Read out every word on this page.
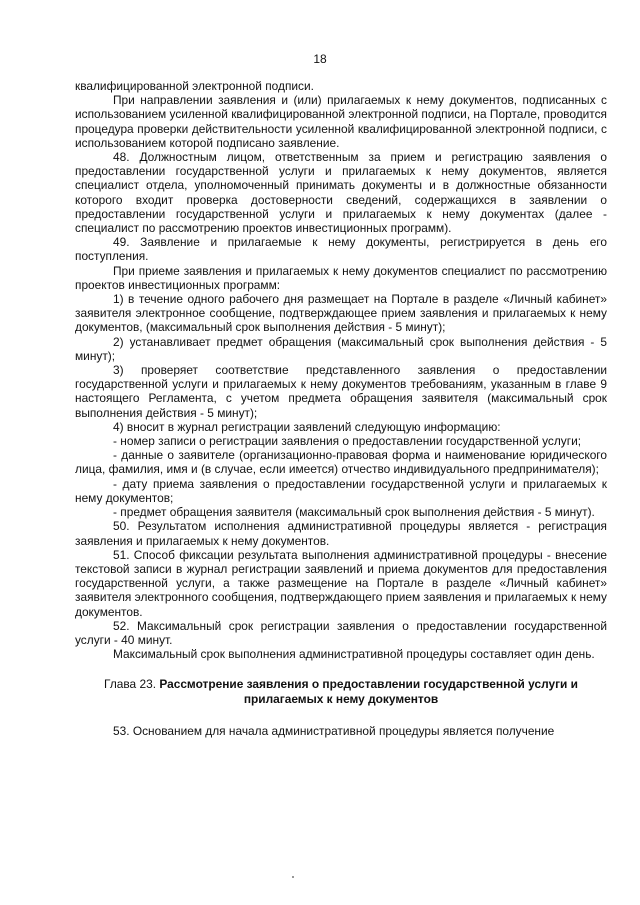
18

квалифицированной электронной подписи.

При направлении заявления и (или) прилагаемых к нему документов, подписанных с использованием усиленной квалифицированной электронной подписи, на Портале, проводится процедура проверки действительности усиленной квалифицированной электронной подписи, с использованием которой подписано заявление.

48. Должностным лицом, ответственным за прием и регистрацию заявления о предоставлении государственной услуги и прилагаемых к нему документов, является специалист отдела, уполномоченный принимать документы и в должностные обязанности которого входит проверка достоверности сведений, содержащихся в заявлении о предоставлении государственной услуги и прилагаемых к нему документах (далее - специалист по рассмотрению проектов инвестиционных программ).

49. Заявление и прилагаемые к нему документы, регистрируется в день его поступления.

При приеме заявления и прилагаемых к нему документов специалист по рассмотрению проектов инвестиционных программ:

1) в течение одного рабочего дня размещает на Портале в разделе «Личный кабинет» заявителя электронное сообщение, подтверждающее прием заявления и прилагаемых к нему документов, (максимальный срок выполнения действия - 5 минут);

2) устанавливает предмет обращения (максимальный срок выполнения действия - 5 минут);

3) проверяет соответствие представленного заявления о предоставлении государственной услуги и прилагаемых к нему документов требованиям, указанным в главе 9 настоящего Регламента, с учетом предмета обращения заявителя (максимальный срок выполнения действия - 5 минут);

4) вносит в журнал регистрации заявлений следующую информацию:

- номер записи о регистрации заявления о предоставлении государственной услуги;

- данные о заявителе (организационно-правовая форма и наименование юридического лица, фамилия, имя и (в случае, если имеется) отчество индивидуального предпринимателя);

- дату приема заявления о предоставлении государственной услуги и прилагаемых к нему документов;

- предмет обращения заявителя (максимальный срок выполнения действия - 5 минут).

50. Результатом исполнения административной процедуры является - регистрация заявления и прилагаемых к нему документов.

51. Способ фиксации результата выполнения административной процедуры - внесение текстовой записи в журнал регистрации заявлений и приема документов для предоставления государственной услуги, а также размещение на Портале в разделе «Личный кабинет» заявителя электронного сообщения, подтверждающего прием заявления и прилагаемых к нему документов.

52. Максимальный срок регистрации заявления о предоставлении государственной услуги - 40 минут.

Максимальный срок выполнения административной процедуры составляет один день.

Глава 23. Рассмотрение заявления о предоставлении государственной услуги и прилагаемых к нему документов

53. Основанием для начала административной процедуры является получение
